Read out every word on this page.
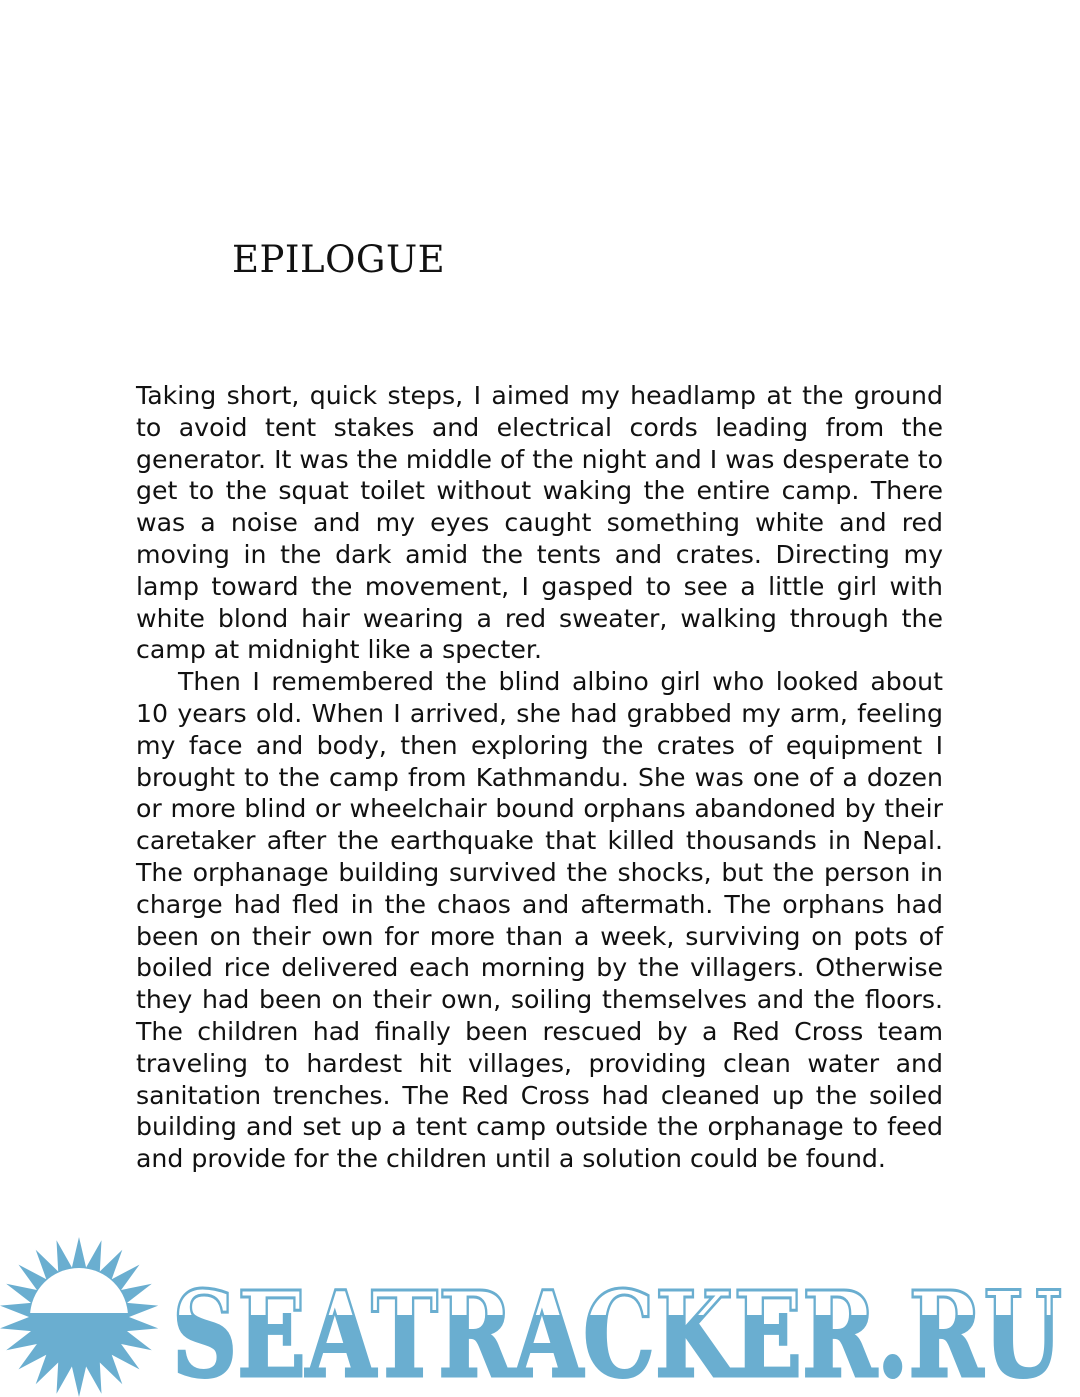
EPILOGUE

Taking short, quick steps, I aimed my headlamp at the ground to avoid tent stakes and electrical cords leading from the generator. It was the middle of the night and I was desperate to get to the squat toilet without waking the entire camp. There was a noise and my eyes caught something white and red moving in the dark amid the tents and crates. Directing my lamp toward the movement, I gasped to see a little girl with white blond hair wearing a red sweater, walking through the camp at midnight like a specter.

Then I remembered the blind albino girl who looked about 10 years old. When I arrived, she had grabbed my arm, feeling my face and body, then exploring the crates of equipment I brought to the camp from Kathmandu. She was one of a dozen or more blind or wheelchair bound orphans abandoned by their caretaker after the earthquake that killed thousands in Nepal. The orphanage building survived the shocks, but the person in charge had fled in the chaos and aftermath. The orphans had been on their own for more than a week, surviving on pots of boiled rice delivered each morning by the villagers. Otherwise they had been on their own, soiling themselves and the floors. The children had finally been rescued by a Red Cross team traveling to hardest hit villages, providing clean water and sanitation trenches. The Red Cross had cleaned up the soiled building and set up a tent camp outside the orphanage to feed and provide for the children until a solution could be found.

SEATRACKER.RU
